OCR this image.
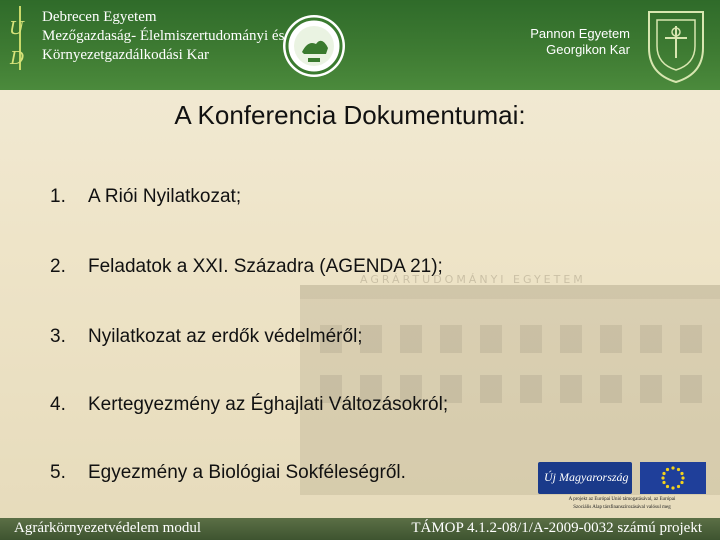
AGRÁRTUDOMÁNYI EGYETEM
U
D
Debrecen Egyetem
Mezőgazdaság- Élelmiszertudományi és
Környezetgazdálkodási Kar
Pannon Egyetem
Georgikon Kar
A Konferencia Dokumentumai:
1. A Riói Nyilatkozat;
2. Feladatok a XXI. Századra (AGENDA 21);
3. Nyilatkozat az erdők védelméről;
4. Kertegyezmény az Éghajlati Változásokról;
5. Egyezmény a Biológiai Sokféleségről.	Új Magyarország
A projekt az Európai Unió támogatásával, az Európai
Szociális Alap társfinanszírozásával valósul meg
Agrárkörnyezetvédelem modul	TÁMOP 4.1.2-08/1/A-2009-0032 számú projekt
